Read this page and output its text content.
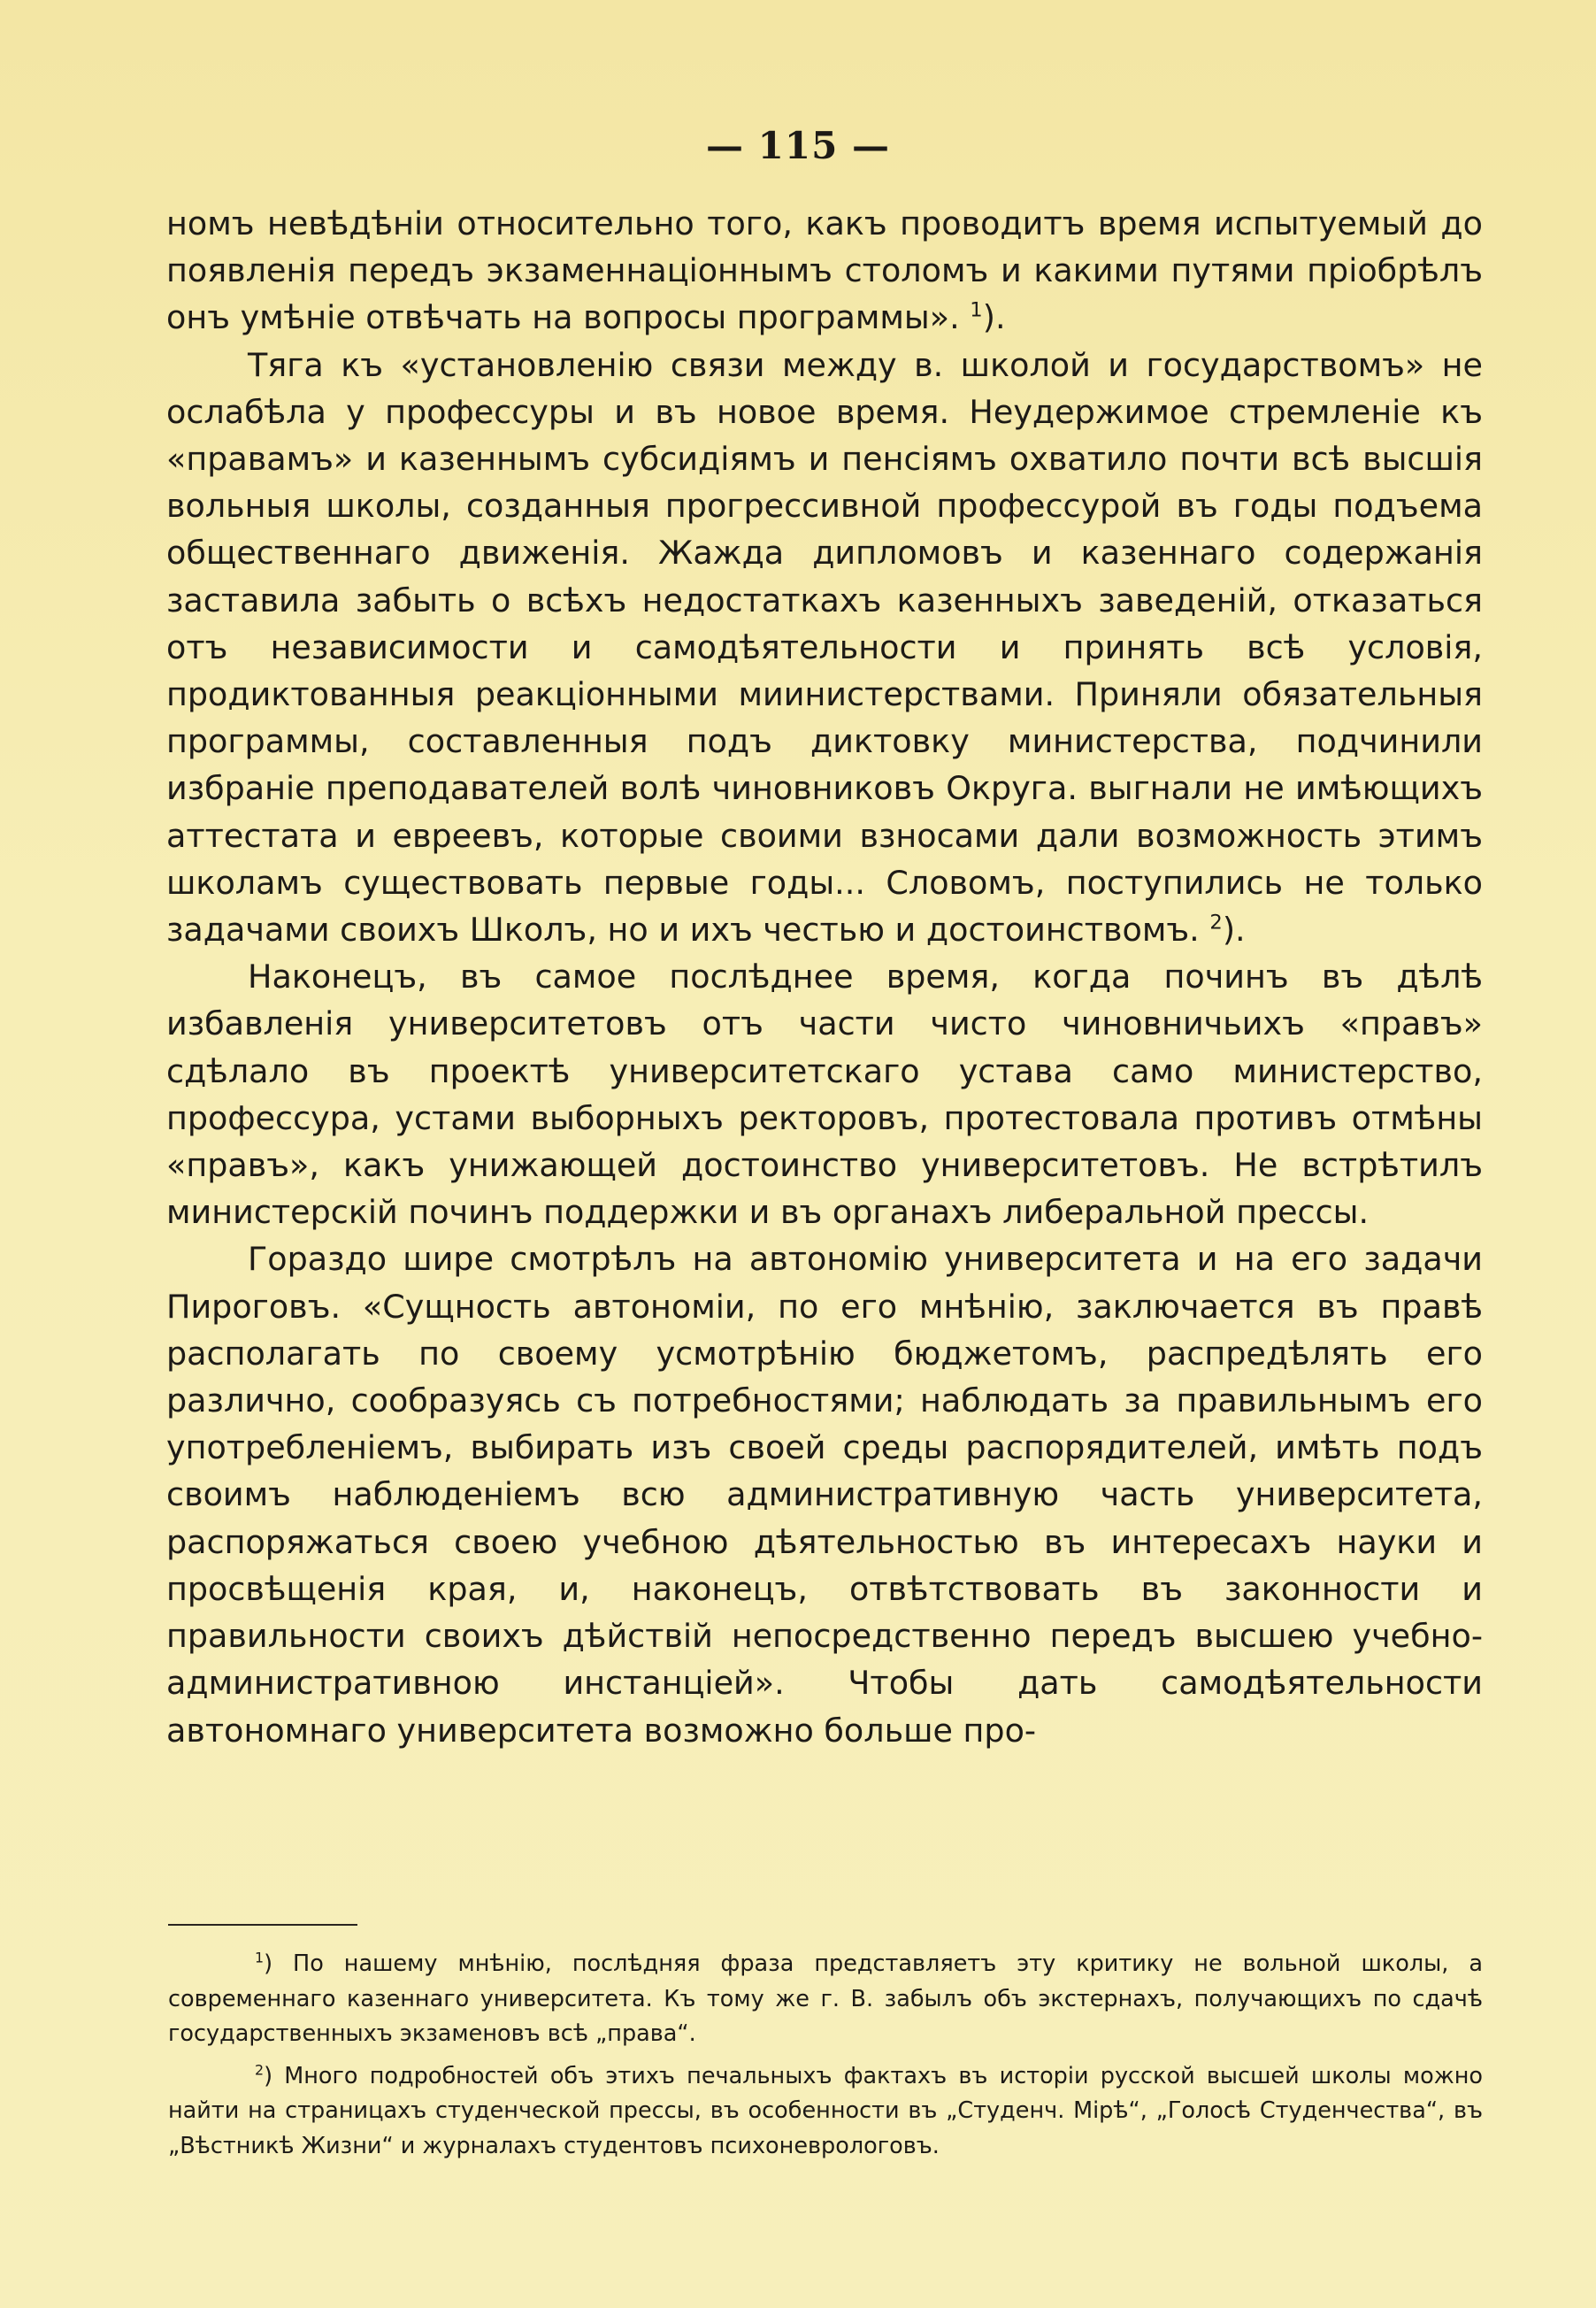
— 115 —

номъ невѣдѣніи относительно того, какъ проводитъ время испытуемый до появленія передъ экзаменнаціоннымъ столомъ и какими путями пріобрѣлъ онъ умѣніе отвѣчать на вопросы программы». $^1$).

Тяга къ «установленію связи между в. школой и государствомъ» не ослабѣла у профессуры и въ новое время. Неудержимое стремленіе къ «правамъ» и казеннымъ субсидіямъ и пенсіямъ охватило почти всѣ высшія вольныя школы, созданныя прогрессивной профессурой въ годы подъема общественнаго движенія. Жажда дипломовъ и казеннаго содержанія заставила забыть о всѣхъ недостаткахъ казенныхъ заведеній, отказаться отъ независимости и самодѣятельности и принять всѣ условія, продиктованныя реакціонными миинистерствами. Приняли обязательныя программы, составленныя подъ диктовку министерства, подчинили избраніе преподавателей волѣ чиновниковъ Округа. выгнали не имѣющихъ аттестата и евреевъ, которые своими взносами дали возможность этимъ школамъ существовать первые годы... Словомъ, поступились не только задачами своихъ Школъ, но и ихъ честью и достоинствомъ. $^2$).

Наконецъ, въ самое послѣднее время, когда починъ въ дѣлѣ избавленія университетовъ отъ части чисто чиновничьихъ «правъ» сдѣлало въ проектѣ университетскаго устава само министерство, профессура, устами выборныхъ ректоровъ, протестовала противъ отмѣны «правъ», какъ унижающей достоинство университетовъ. Не встрѣтилъ министерскій починъ поддержки и въ органахъ либеральной прессы.

Гораздо шире смотрѣлъ на автономію университета и на его задачи Пироговъ. «Сущность автономіи, по его мнѣнію, заключается въ правѣ располагать по своему усмотрѣнію бюджетомъ, распредѣлять его различно, сообразуясь съ потребностями; наблюдать за правильнымъ его употребленіемъ, выбирать изъ своей среды распорядителей, имѣть подъ своимъ наблюденіемъ всю административную часть университета, распоряжаться своею учебною дѣятельностью въ интересахъ науки и просвѣщенія края, и, наконецъ, отвѣтствовать въ законности и правильности своихъ дѣйствій непосредственно передъ высшею учебно-административною инстанціей». Чтобы дать самодѣятельности автономнаго университета возможно больше про-

$^1$) По нашему мнѣнію, послѣдняя фраза представляетъ эту критику не вольной школы, а современнаго казеннаго университета. Къ тому же г. В. забылъ объ экстернахъ, получающихъ по сдачѣ государственныхъ экзаменовъ всѣ „права“.

$^2$) Много подробностей объ этихъ печальныхъ фактахъ въ исторіи русской высшей школы можно найти на страницахъ студенческой прессы, въ особенности въ „Студенч. Мірѣ“, „Голосѣ Студенчества“, въ „Вѣстникѣ Жизни“ и журналахъ студентовъ психоневрологовъ.
